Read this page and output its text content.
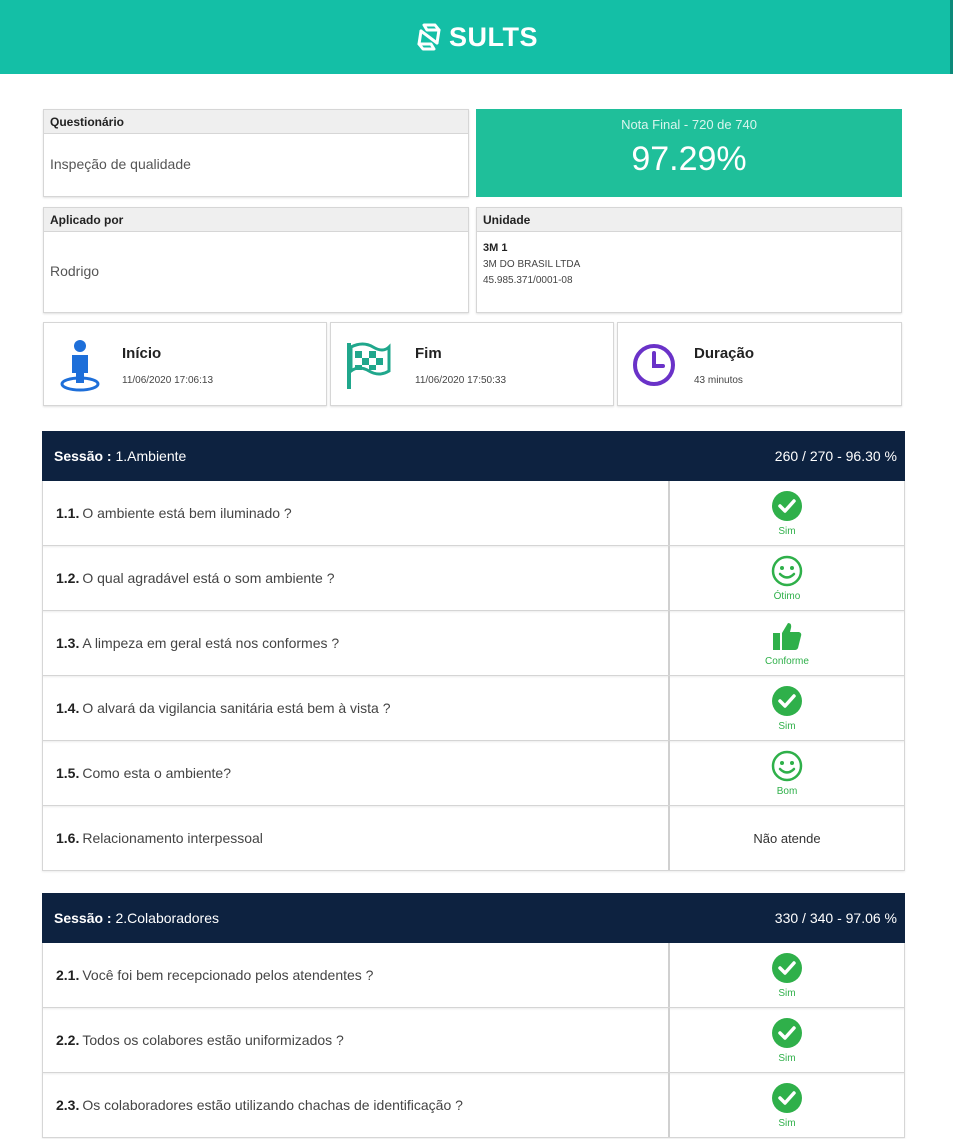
SULTS
Questionário
Inspeção de qualidade
Nota Final - 720 de 740
97.29%
Aplicado por
Rodrigo
Unidade
3M 1
3M DO BRASIL LTDA
45.985.371/0001-08
Início
11/06/2020 17:06:13
Fim
11/06/2020 17:50:33
Duração
43 minutos
Sessão : 1.Ambiente	260 / 270 - 96.30 %
1.1. O ambiente está bem iluminado ?
Sim
1.2. O qual agradável está o som ambiente ?
Ótimo
1.3. A limpeza em geral está nos conformes ?
Conforme
1.4. O alvará da vigilancia sanitária está bem à vista ?
Sim
1.5. Como esta o ambiente?
Bom
1.6. Relacionamento interpessoal	Não atende
Sessão : 2.Colaboradores	330 / 340 - 97.06 %
2.1. Você foi bem recepcionado pelos atendentes ?
Sim
2.2. Todos os colabores estão uniformizados ?
Sim
2.3. Os colaboradores estão utilizando chachas de identificação ?
Sim
